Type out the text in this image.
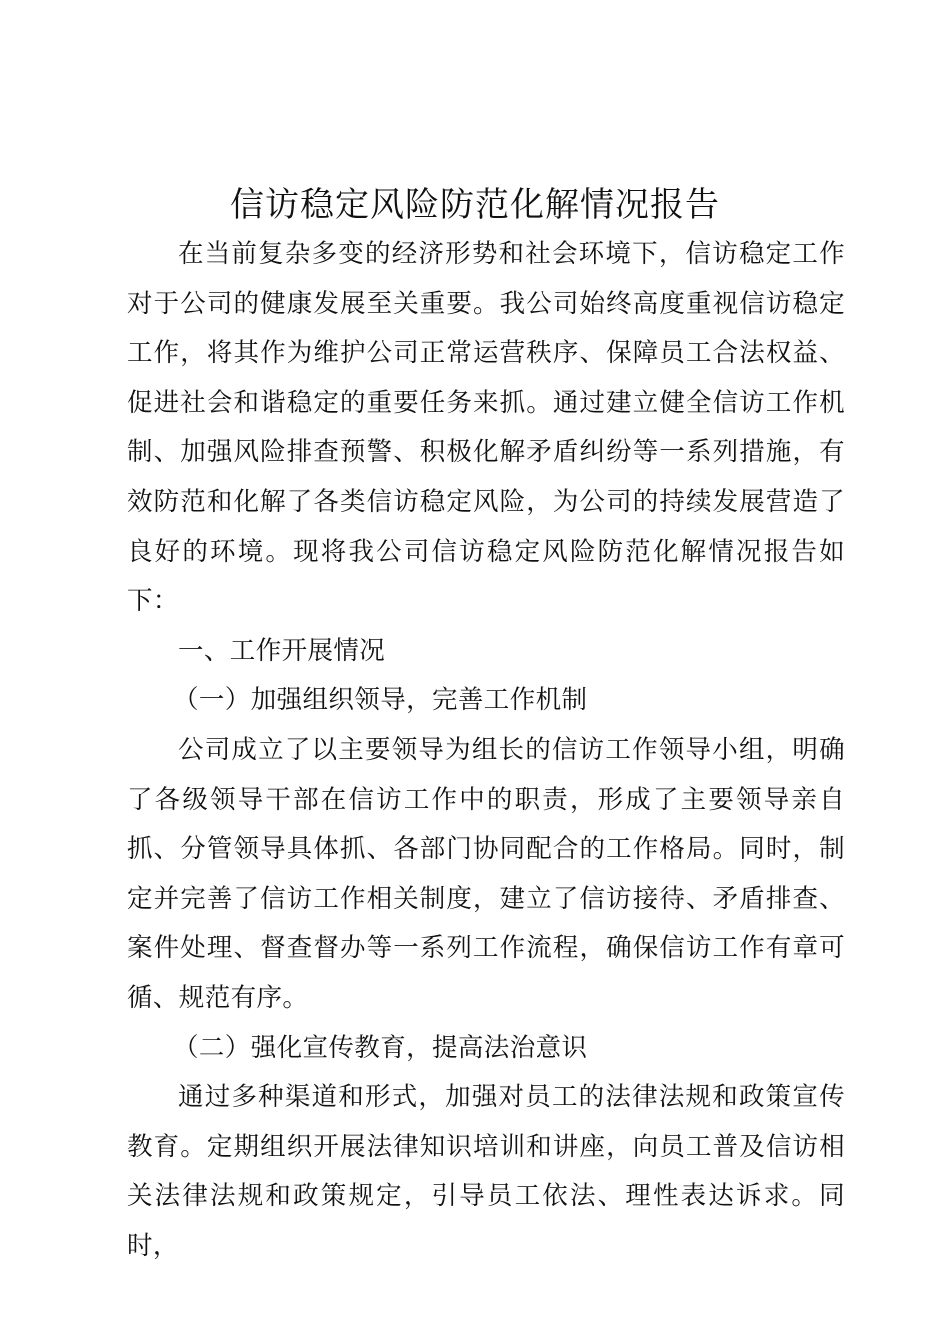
信访稳定风险防范化解情况报告

在当前复杂多变的经济形势和社会环境下，信访稳定工作对于公司的健康发展至关重要。我公司始终高度重视信访稳定工作，将其作为维护公司正常运营秩序、保障员工合法权益、促进社会和谐稳定的重要任务来抓。通过建立健全信访工作机制、加强风险排查预警、积极化解矛盾纠纷等一系列措施，有效防范和化解了各类信访稳定风险，为公司的持续发展营造了良好的环境。现将我公司信访稳定风险防范化解情况报告如下：

一、工作开展情况

（一）加强组织领导，完善工作机制

公司成立了以主要领导为组长的信访工作领导小组，明确了各级领导干部在信访工作中的职责，形成了主要领导亲自抓、分管领导具体抓、各部门协同配合的工作格局。同时，制定并完善了信访工作相关制度，建立了信访接待、矛盾排查、案件处理、督查督办等一系列工作流程，确保信访工作有章可循、规范有序。

（二）强化宣传教育，提高法治意识

通过多种渠道和形式，加强对员工的法律法规和政策宣传教育。定期组织开展法律知识培训和讲座，向员工普及信访相关法律法规和政策规定，引导员工依法、理性表达诉求。同时，
